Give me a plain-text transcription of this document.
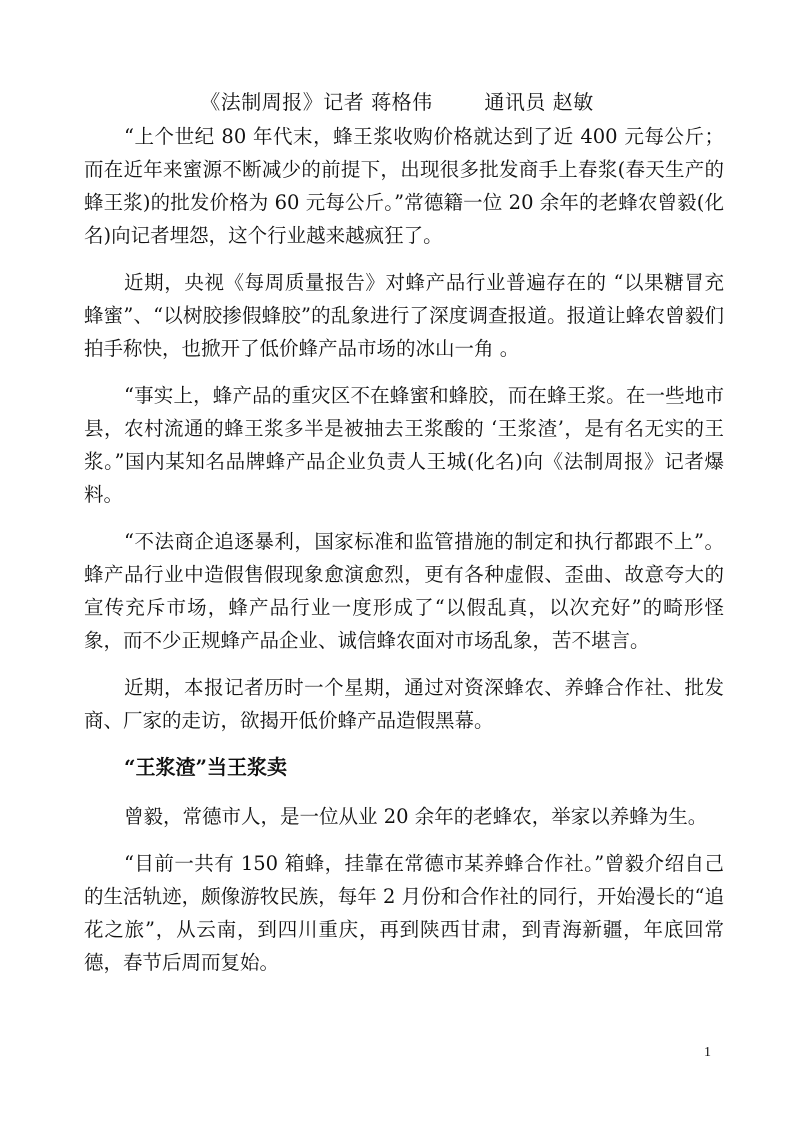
《法制周报》记者 蒋格伟	通讯员 赵敏

“上个世纪 80 年代末，蜂王浆收购价格就达到了近 400 元每公斤；而在近年来蜜源不断减少的前提下，出现很多批发商手上春浆(春天生产的蜂王浆)的批发价格为 60 元每公斤。”常德籍一位 20 余年的老蜂农曾毅(化名)向记者埋怨，这个行业越来越疯狂了。

近期，央视《每周质量报告》对蜂产品行业普遍存在的 “以果糖冒充蜂蜜”、“以树胶掺假蜂胶”的乱象进行了深度调查报道。报道让蜂农曾毅们拍手称快，也掀开了低价蜂产品市场的冰山一角 。

“事实上，蜂产品的重灾区不在蜂蜜和蜂胶，而在蜂王浆。在一些地市县，农村流通的蜂王浆多半是被抽去王浆酸的 ‘王浆渣’，是有名无实的王浆。”国内某知名品牌蜂产品企业负责人王城(化名)向《法制周报》记者爆料。

“不法商企追逐暴利，国家标准和监管措施的制定和执行都跟不上”。蜂产品行业中造假售假现象愈演愈烈，更有各种虚假、歪曲、故意夸大的宣传充斥市场，蜂产品行业一度形成了“以假乱真，以次充好”的畸形怪象，而不少正规蜂产品企业、诚信蜂农面对市场乱象，苦不堪言。

近期，本报记者历时一个星期，通过对资深蜂农、养蜂合作社、批发商、厂家的走访，欲揭开低价蜂产品造假黑幕。

“王浆渣”当王浆卖

曾毅，常德市人，是一位从业 20 余年的老蜂农，举家以养蜂为生。

“目前一共有 150 箱蜂，挂靠在常德市某养蜂合作社。”曾毅介绍自己的生活轨迹，颇像游牧民族，每年 2 月份和合作社的同行，开始漫长的“追花之旅”，从云南，到四川重庆，再到陕西甘肃，到青海新疆，年底回常德，春节后周而复始。

1
